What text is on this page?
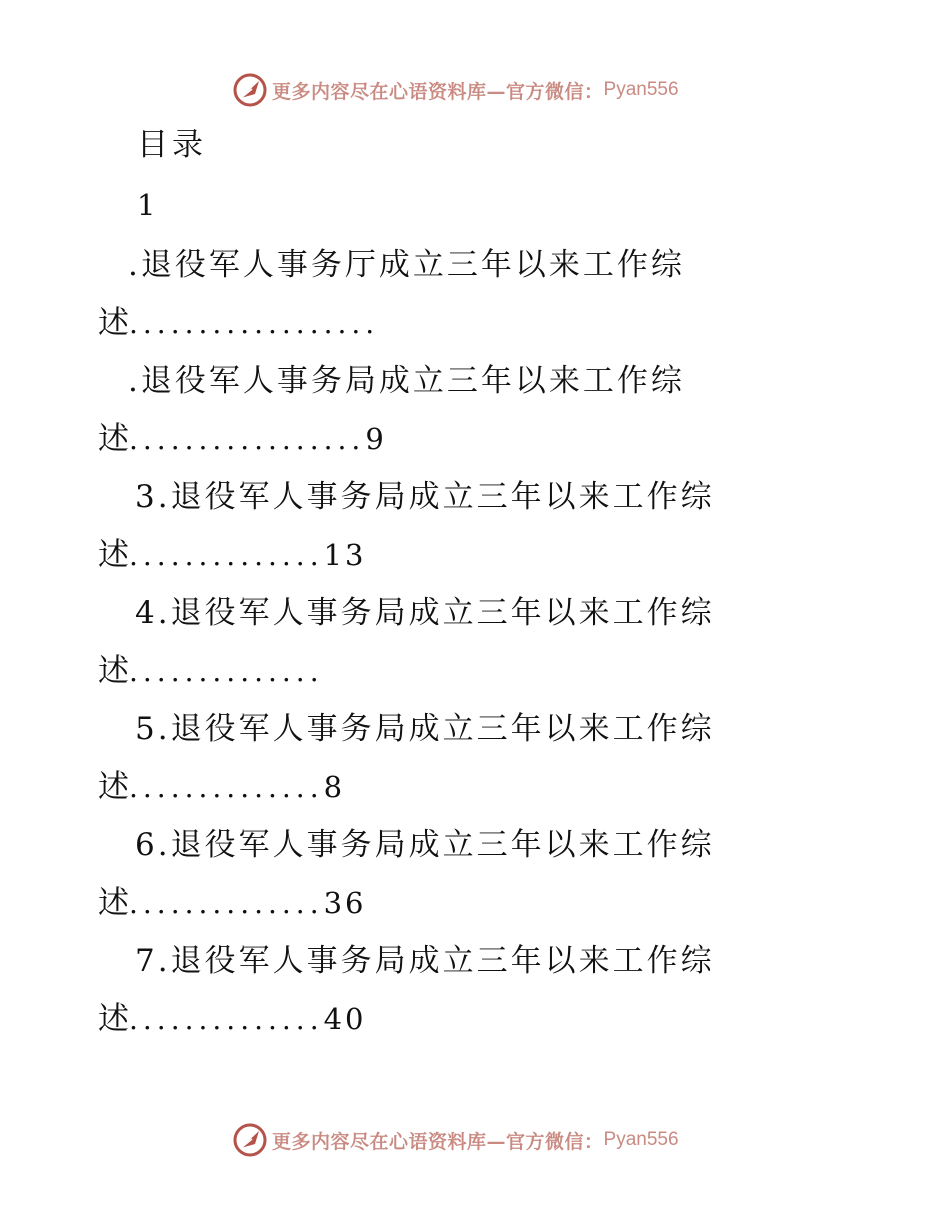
更多内容尽在心语资料库—官方微信： Pyan556
目录
1
.退役军人事务厅成立三年以来工作综
述..................
.退役军人事务局成立三年以来工作综
述.................9
3.退役军人事务局成立三年以来工作综
述..............13
4.退役军人事务局成立三年以来工作综
述..............
5.退役军人事务局成立三年以来工作综
述..............8
6.退役军人事务局成立三年以来工作综
述..............36
7.退役军人事务局成立三年以来工作综
述..............40
更多内容尽在心语资料库—官方微信： Pyan556
